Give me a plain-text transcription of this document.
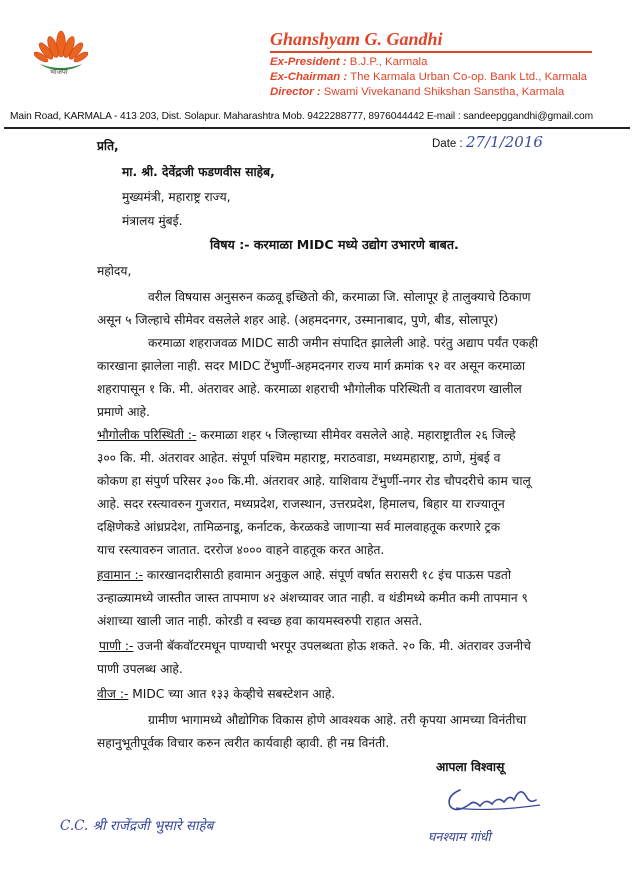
भाजपा
Ghanshyam G. Gandhi
Ex-President : B.J.P., Karmala
Ex-Chairman : The Karmala Urban Co-op. Bank Ltd., Karmala
Director : Swami Vivekanand Shikshan Sanstha, Karmala
Main Road, KARMALA - 413 203, Dist. Solapur. Maharashtra Mob. 9422288777, 8976044442 E-mail : sandeepggandhi@gmail.com
प्रति,	Date : 27/1/2016
मा. श्री. देवेंद्रजी फडणवीस साहेब,
मुख्यमंत्री, महाराष्ट्र राज्य,
मंत्रालय मुंबई.
विषय :- करमाळा MIDC मध्ये उद्योग उभारणे बाबत.
महोदय,
वरील विषयास अनुसरुन कळवू इच्छितो की, करमाळा जि. सोलापूर हे तालुक्याचे ठिकाण
असून ५ जिल्हाचे सीमेवर वसलेले शहर आहे. (अहमदनगर, उस्मानाबाद, पुणे, बीड, सोलापूर)
करमाळा शहराजवळ MIDC साठी जमीन संपादित झालेली आहे. परंतु अद्याप पर्यंत एकही
कारखाना झालेला नाही. सदर MIDC टेंभुर्णी-अहमदनगर राज्य मार्ग क्रमांक ९२ वर असून करमाळा
शहरापासून १ कि. मी. अंतरावर आहे. करमाळा शहराची भौगोलीक परिस्थिती व वातावरण खालील
प्रमाणे आहे.
भौगोलीक परिस्थिती :- करमाळा शहर ५ जिल्हाच्या सीमेवर वसलेले आहे. महाराष्ट्रातील २६ जिल्हे
३०० कि. मी. अंतरावर आहेत. संपूर्ण पश्चिम महाराष्ट्र, मराठवाडा, मध्यमहाराष्ट्र, ठाणे, मुंबई व
कोकण हा संपुर्ण परिसर ३०० कि.मी. अंतरावर आहे. याशिवाय टेंभुर्णी-नगर रोड चौपदरीचे काम चालू
आहे. सदर रस्त्यावरुन गुजरात, मध्यप्रदेश, राजस्थान, उत्तरप्रदेश, हिमालच, बिहार या राज्यातून
दक्षिणेकडे आंध्रप्रदेश, तामिळनाडू, कर्नाटक, केरळकडे जाणाऱ्या सर्व मालवाहतूक करणारे ट्रक
याच रस्त्यावरुन जातात. दररोज ४००० वाहने वाहतूक करत आहेत.
हवामान :- कारखानदारीसाठी हवामान अनुकुल आहे. संपूर्ण वर्षात सरासरी १८ इंच पाऊस पडतो
उन्हाळ्यामध्ये जास्तीत जास्त तापमाण ४२ अंशच्यावर जात नाही. व थंडीमध्ये कमीत कमी तापमान ९
अंशाच्या खाली जात नाही. कोरडी व स्वच्छ हवा कायमस्वरुपी राहात असते.
पाणी :- उजनी बॅकवॉटरमधून पाण्याची भरपूर उपलब्धता होऊ शकते. २० कि. मी. अंतरावर उजनीचे
पाणी उपलब्ध आहे.
वीज :- MIDC च्या आत १३३ केव्हीचे सबस्टेशन आहे.
ग्रामीण भागामध्ये औद्योगिक विकास होणे आवश्यक आहे. तरी कृपया आमच्या विनंतीचा
सहानुभूतीपूर्वक विचार करुन त्वरीत कार्यवाही व्हावी. ही नम्र विनंती.
आपला विश्वासू
C.C. श्री राजेंद्रजी भुसारे साहेब
घनश्याम गांधी
